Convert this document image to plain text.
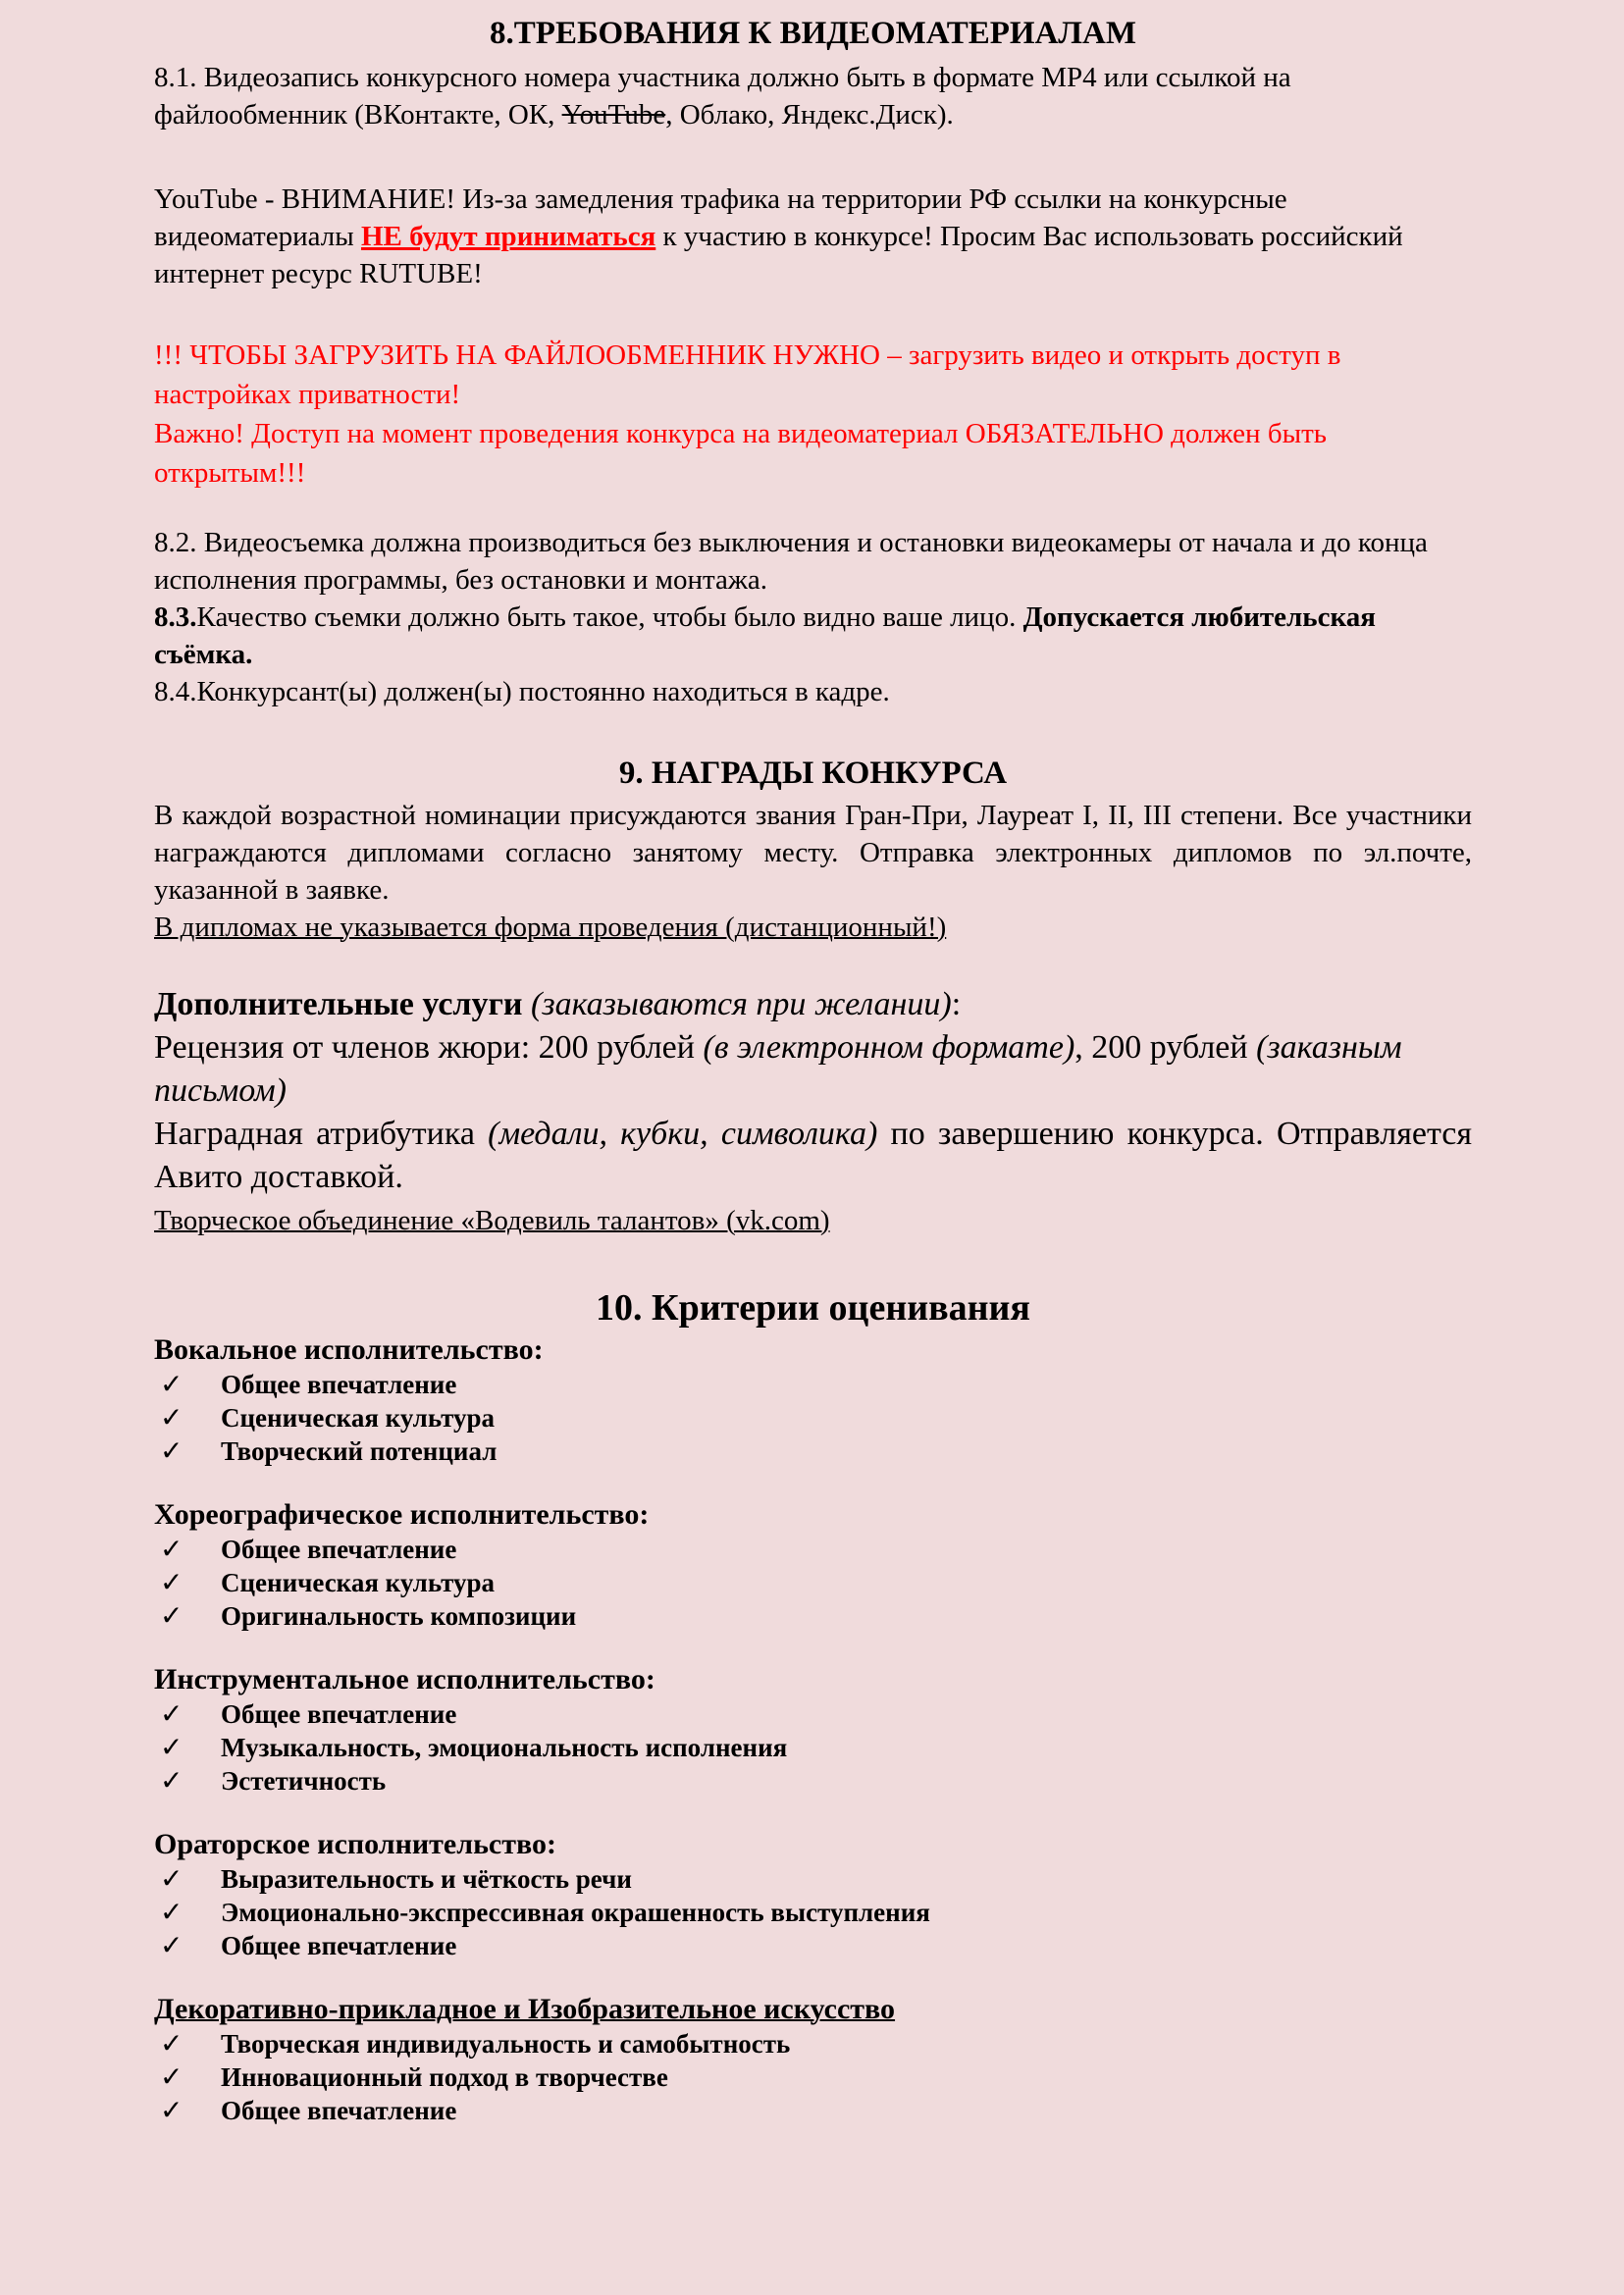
8.ТРЕБОВАНИЯ К ВИДЕОМАТЕРИАЛАМ

8.1. Видеозапись конкурсного номера участника должно быть в формате MP4 или ссылкой на файлообменник (ВКонтакте, ОК, YouTube, Облако, Яндекс.Диск).

YouTube - ВНИМАНИЕ! Из-за замедления трафика на территории РФ ссылки на конкурсные видеоматериалы НЕ будут приниматься к участию в конкурсе! Просим Вас использовать российский интернет ресурс RUTUBE!

!!! ЧТОБЫ ЗАГРУЗИТЬ НА ФАЙЛООБМЕННИК НУЖНО – загрузить видео и открыть доступ в настройках приватности!
Важно! Доступ на момент проведения конкурса на видеоматериал ОБЯЗАТЕЛЬНО должен быть открытым!!!

8.2. Видеосъемка должна производиться без выключения и остановки видеокамеры от начала и до конца исполнения программы, без остановки и монтажа.

8.3.Качество съемки должно быть такое, чтобы было видно ваше лицо. Допускается любительская съёмка.

8.4.Конкурсант(ы) должен(ы) постоянно находиться в кадре.

9. НАГРАДЫ КОНКУРСА

В каждой возрастной номинации присуждаются звания Гран-При, Лауреат I, II, III степени. Все участники награждаются дипломами согласно занятому месту. Отправка электронных дипломов по эл.почте, указанной в заявке.

В дипломах не указывается форма проведения (дистанционный!)

Дополнительные услуги (заказываются при желании):

Рецензия от членов жюри: 200 рублей (в электронном формате), 200 рублей (заказным письмом)

Наградная атрибутика (медали, кубки, символика) по завершению конкурса. Отправляется Авито доставкой.

Творческое объединение «Водевиль талантов» (vk.com)

10. Критерии оценивания

Вокальное исполнительство:

✓	Общее впечатление
✓	Сценическая культура
✓	Творческий потенциал

Хореографическое исполнительство:

✓	Общее впечатление
✓	Сценическая культура
✓	Оригинальность композиции

Инструментальное исполнительство:

✓	Общее впечатление
✓	Музыкальность, эмоциональность исполнения
✓	Эстетичность

Ораторское исполнительство:

✓	Выразительность и чёткость речи
✓	Эмоционально-экспрессивная окрашенность выступления
✓	Общее впечатление

Декоративно-прикладное и Изобразительное искусство

✓	Творческая индивидуальность и самобытность
✓	Инновационный подход в творчестве
✓	Общее впечатление
